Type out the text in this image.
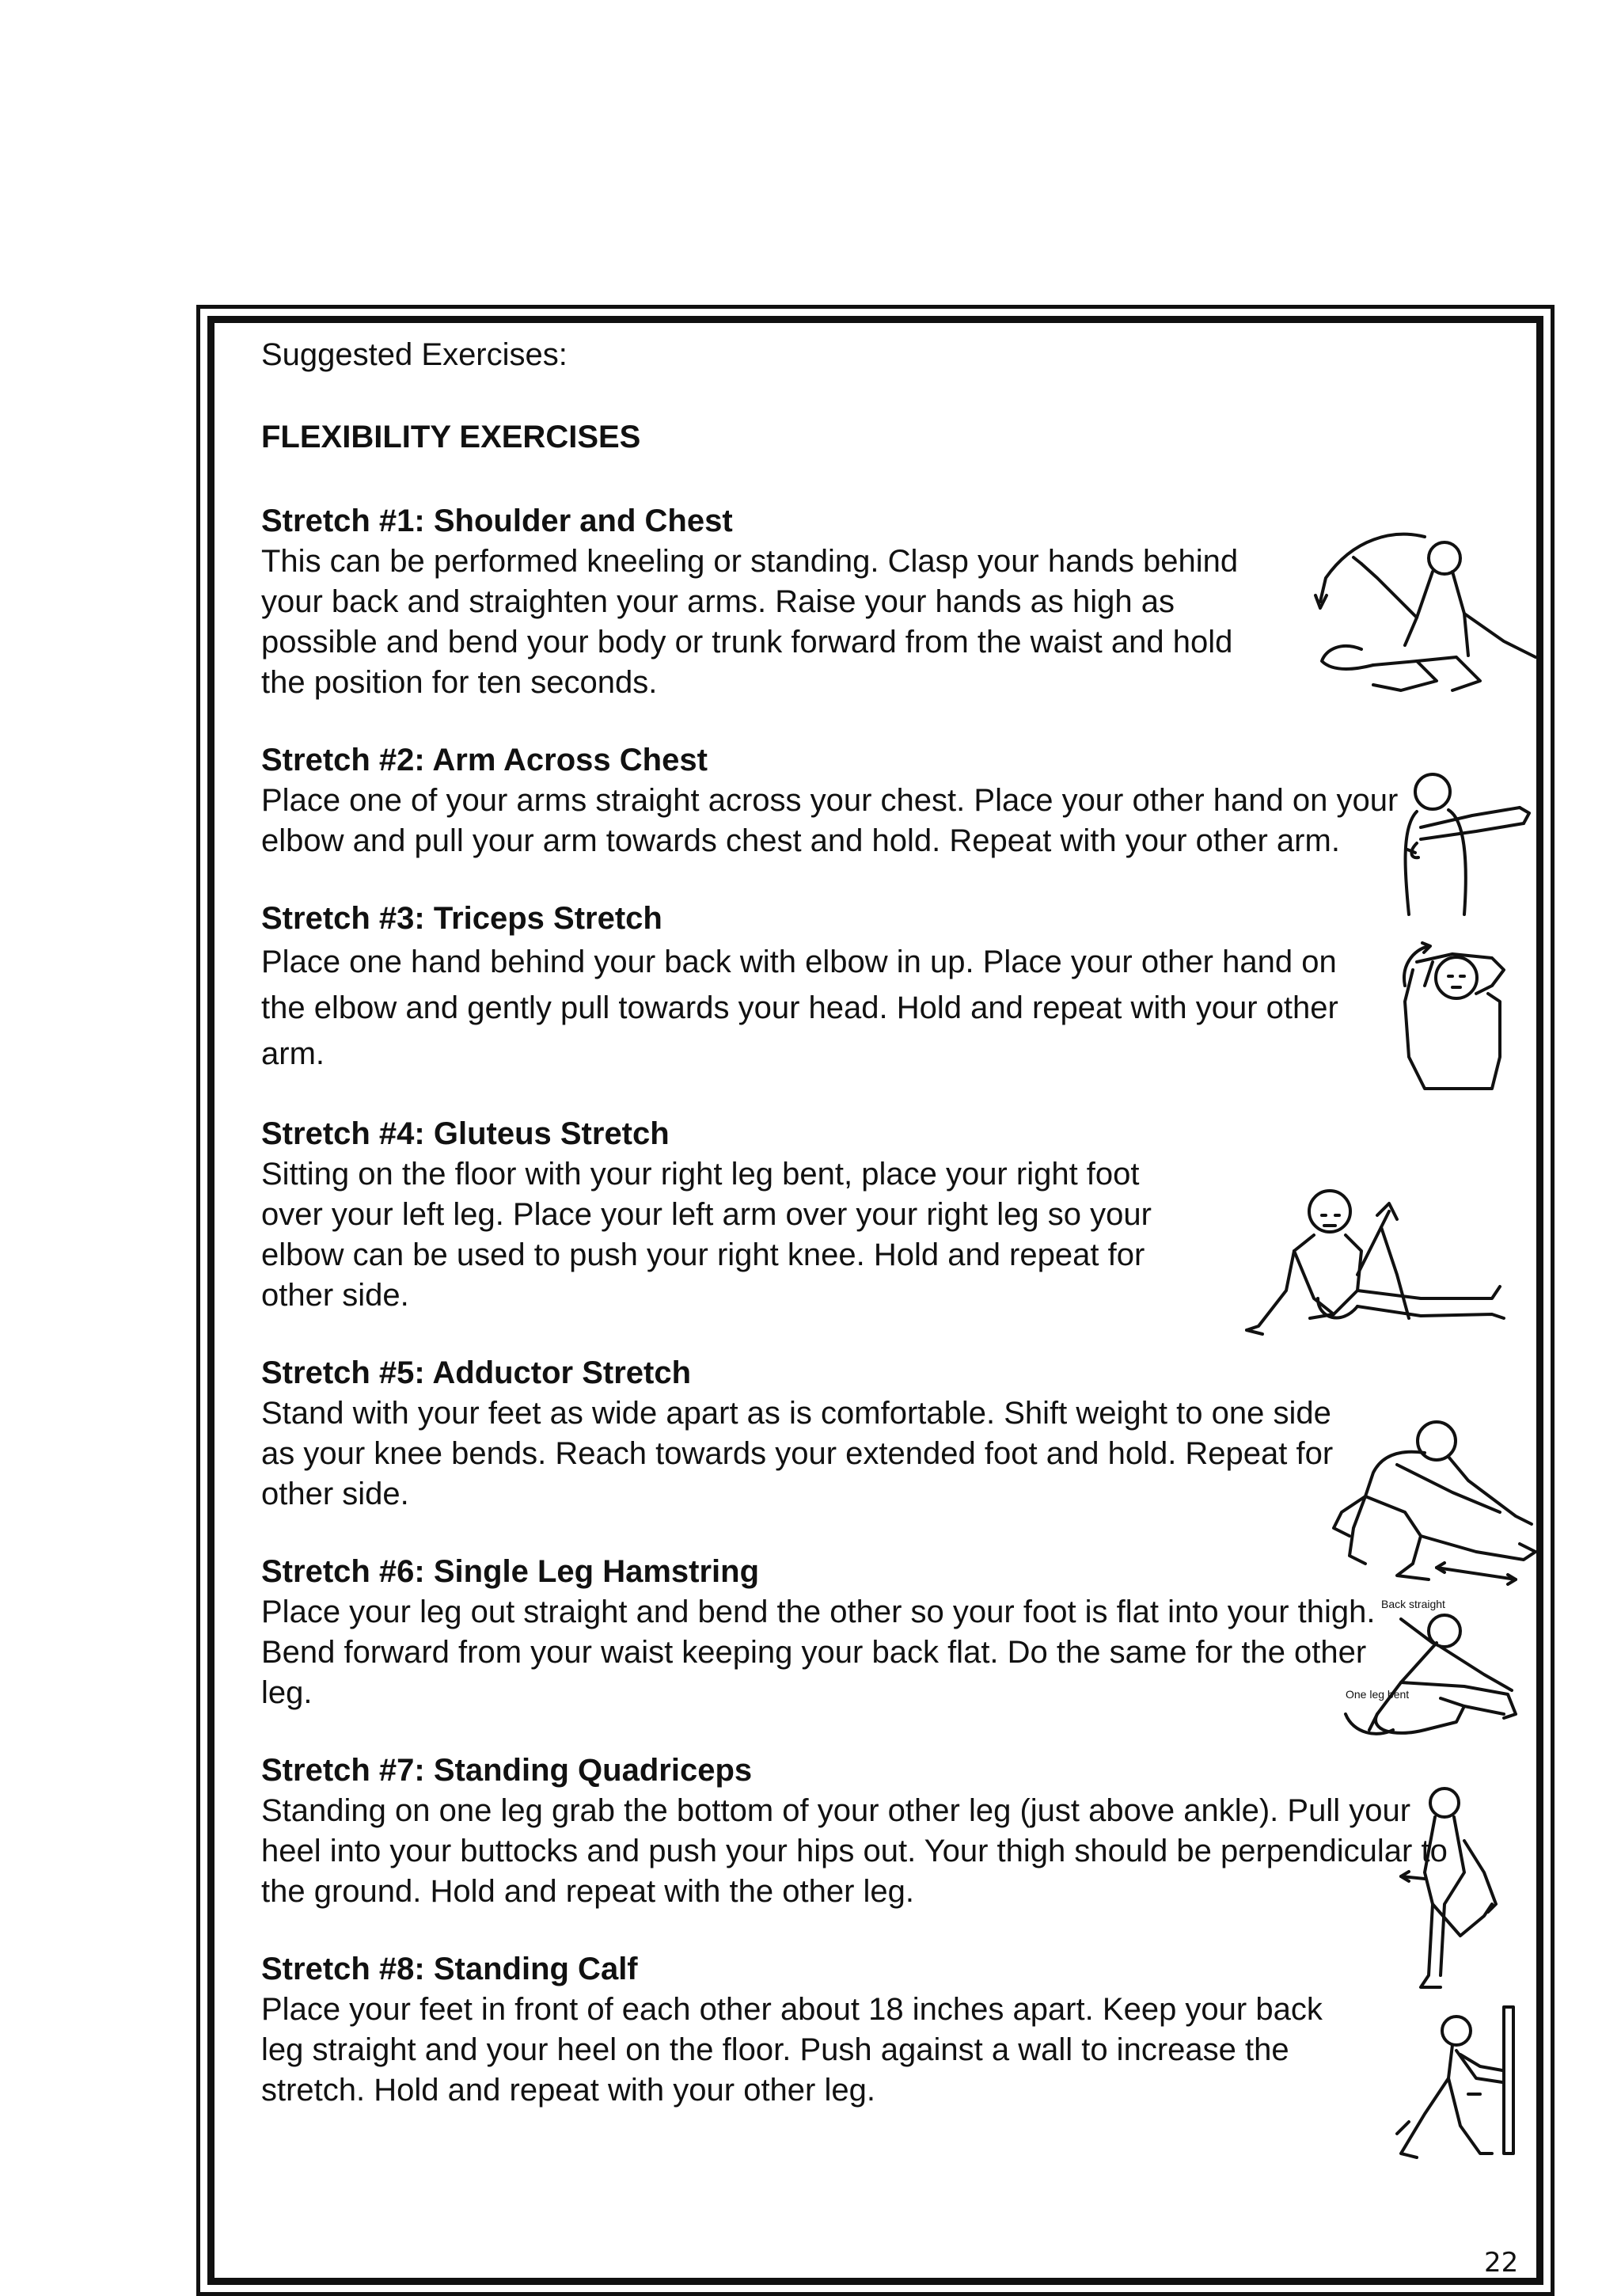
Suggested Exercises:
FLEXIBILITY EXERCISES
Stretch #1: Shoulder and Chest

This can be performed kneeling or standing. Clasp your hands behind your back and straighten your arms. Raise your hands as high as possible and bend your body or trunk forward from the waist and hold the position for ten seconds.

Stretch #2: Arm Across Chest

Place one of your arms straight across your chest. Place your other hand on your elbow and pull your arm towards chest and hold. Repeat with your other arm.

Stretch #3: Triceps Stretch

Place one hand behind your back with elbow in up. Place your other hand on the elbow and gently pull towards your head. Hold and repeat with your other arm.

Stretch #4: Gluteus Stretch

Sitting on the floor with your right leg bent, place your right foot over your left leg. Place your left arm over your right leg so your elbow can be used to push your right knee. Hold and repeat for other side.

Stretch #5: Adductor Stretch

Stand with your feet as wide apart as is comfortable. Shift weight to one side as your knee bends. Reach towards your extended foot and hold. Repeat for other side.

Stretch #6: Single Leg Hamstring

Place your leg out straight and bend the other so your foot is flat into your thigh. Bend forward from your waist keeping your back flat. Do the same for the other leg.

Stretch #7: Standing Quadriceps

Standing on one leg grab the bottom of your other leg (just above ankle). Pull your heel into your buttocks and push your hips out. Your thigh should be perpendicular to the ground. Hold and repeat with the other leg.

Stretch #8: Standing Calf

Place your feet in front of each other about 18 inches apart. Keep your back leg straight and your heel on the floor. Push against a wall to increase the stretch. Hold and repeat with your other leg.

Back straight
One leg bent
22
